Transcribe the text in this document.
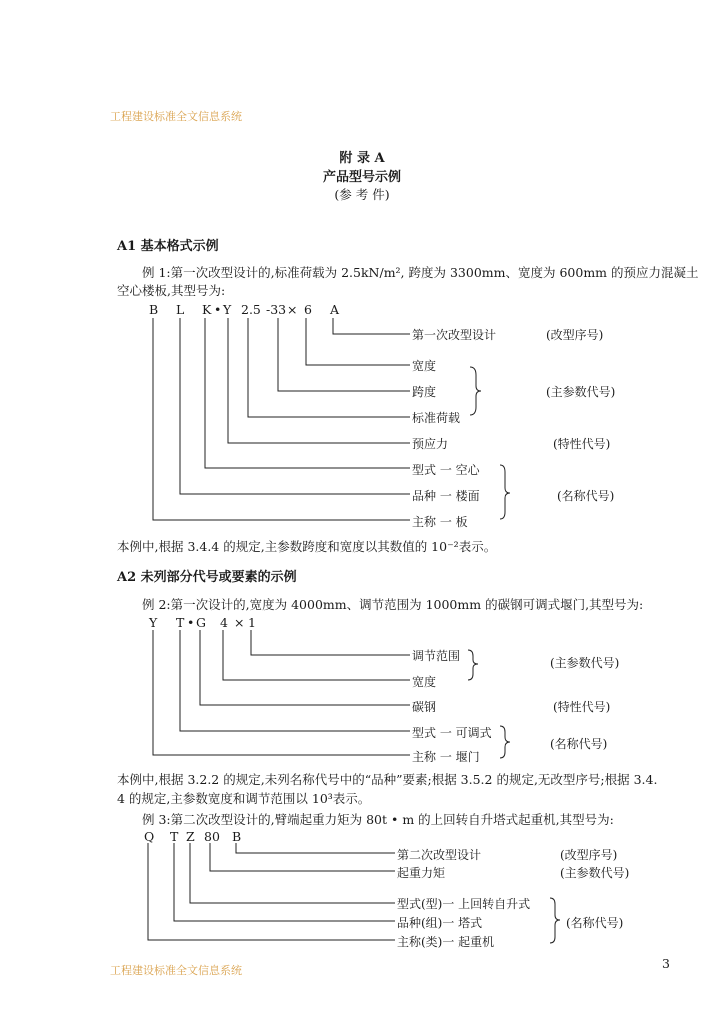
工程建设标准全文信息系统
工程建设标准全文信息系统
附 录 A
产品型号示例
(参 考 件)
A1 基本格式示例
例 1:第一次改型设计的,标准荷载为 2.5kN/m², 跨度为 3300mm、宽度为 600mm 的预应力混凝土
空心楼板,其型号为:
B L K • Y 2.5 -33 × 6 A
第一次改型设计
宽度
跨度
标准荷载
预应力
型式 一 空心
品种 一 楼面
主称 一 板
(改型序号)
(主参数代号)
(特性代号)
(名称代号)
本例中,根据 3.4.4 的规定,主参数跨度和宽度以其数值的 10⁻²表示。
A2 未列部分代号或要素的示例
例 2:第一次设计的,宽度为 4000mm、调节范围为 1000mm 的碳钢可调式堰门,其型号为:
Y T • G 4 × 1
调节范围
宽度
碳钢
型式 一 可调式
主称 一 堰门
(主参数代号)
(特性代号)
(名称代号)
本例中,根据 3.2.2 的规定,未列名称代号中的“品种”要素;根据 3.5.2 的规定,无改型序号;根据 3.4.
4 的规定,主参数宽度和调节范围以 10³表示。
例 3:第二次改型设计的,臂端起重力矩为 80t • m 的上回转自升塔式起重机,其型号为:
Q T Z 80 B
第二次改型设计
起重力矩
型式(型)一 上回转自升式
品种(组)一 塔式
主称(类)一 起重机
(改型序号)
(主参数代号)
(名称代号)
3
